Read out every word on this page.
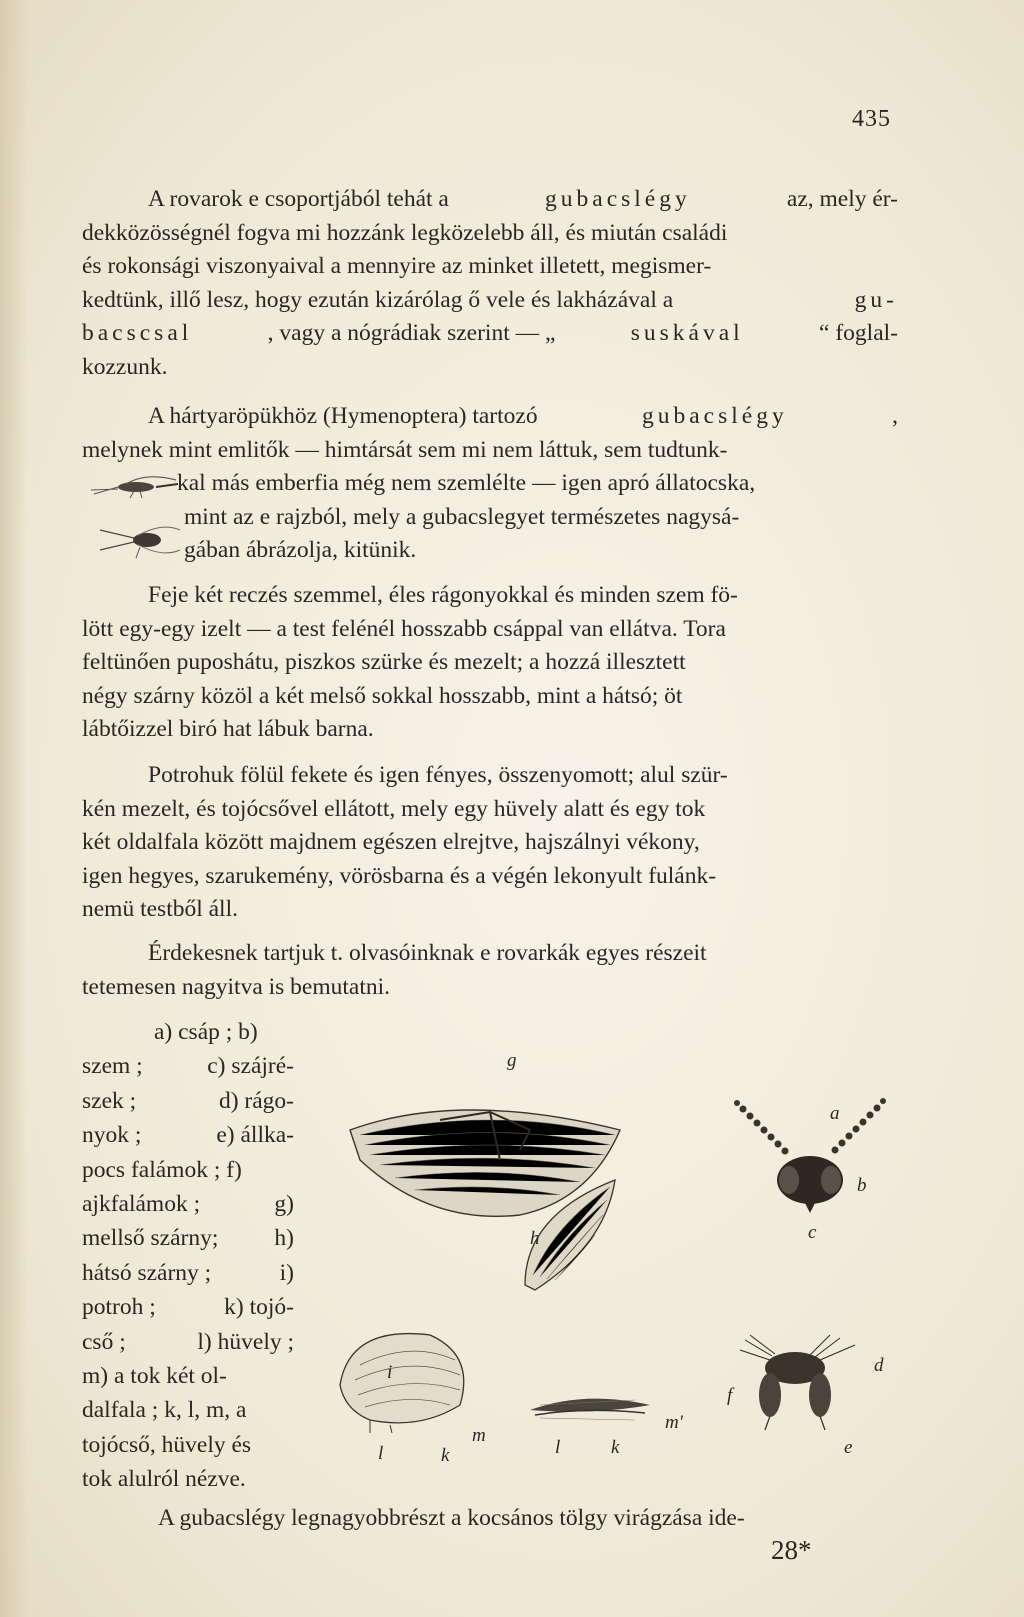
435
A rovarok e csoportjából tehát a	gubacslégy	az, mely ér-
dekközösségnél fogva mi hozzánk legközelebb áll, és miután családi
és rokonsági viszonyaival a mennyire az minket illetett, megismer-
kedtünk, illő lesz, hogy ezután kizárólag ő vele és lakházával a	gu-
bacscsal	, vagy a nógrádiak szerint — „	suskával	“ foglal-
kozzunk.
A hártyaröpükhöz (Hymenoptera) tartozó	gubacslégy	,
melynek mint emlitők — himtársát sem mi nem láttuk, sem tudtunk-
kal más emberfia még nem szemlélte — igen apró állatocska,
mint az e rajzból, mely a gubacslegyet természetes nagysá-
gában ábrázolja, kitünik.
Feje két reczés szemmel, éles rágonyokkal és minden szem fö-
lött egy-egy izelt — a test felénél hosszabb csáppal van ellátva. Tora
feltünően puposhátu, piszkos szürke és mezelt; a hozzá illesztett
négy szárny közöl a két melső sokkal hosszabb, mint a hátsó; öt
lábtőizzel biró hat lábuk barna.
Potrohuk fölül fekete és igen fényes, összenyomott; alul szür-
kén mezelt, és tojócsővel ellátott, mely egy hüvely alatt és egy tok
két oldalfala között majdnem egészen elrejtve, hajszálnyi vékony,
igen hegyes, szarukemény, vörösbarna és a végén lekonyult fulánk-
nemü testből áll.
Érdekesnek tartjuk t. olvasóinknak e rovarkák egyes részeit
tetemesen nagyitva is bemutatni.
a) csáp ; b)
szem ;	c) szájré-
szek ;	d) rágo-
nyok ;	e) állka-
pocs falámok ; f)
ajkfalámok ;	g)
mellső szárny; h)
hátsó szárny ;	i)
potroh ;	k) tojó-
cső ;	l) hüvely ;
m) a tok két ol-
dalfala ; k, l, m, a
tojócső, hüvely és
tok alulról nézve.
g
h
a
b
c
i
l	k
m
l	k
m'
f
d
e
A gubacslégy legnagyobbrészt a kocsános tölgy virágzása ide-
28*
